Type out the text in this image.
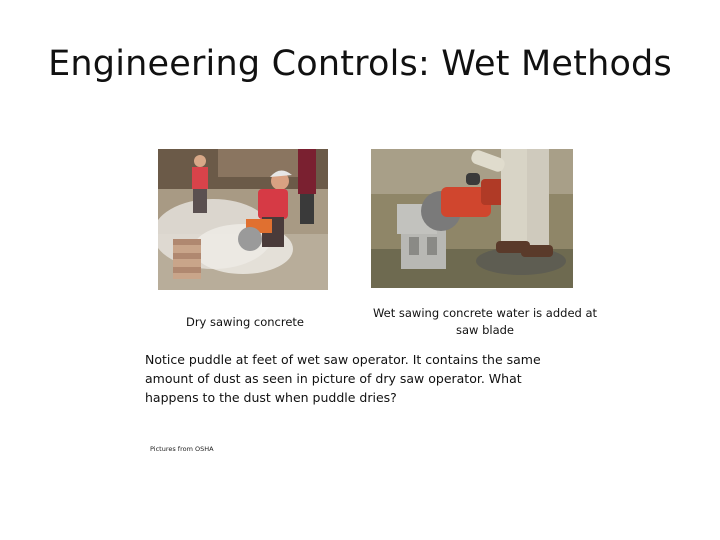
Engineering Controls: Wet Methods
Dry sawing concrete
Wet sawing concrete water is added at saw blade
Notice puddle at feet of wet saw operator. It contains the same amount of dust as seen in picture of dry saw operator. What happens to the dust when puddle dries?
Pictures from OSHA
